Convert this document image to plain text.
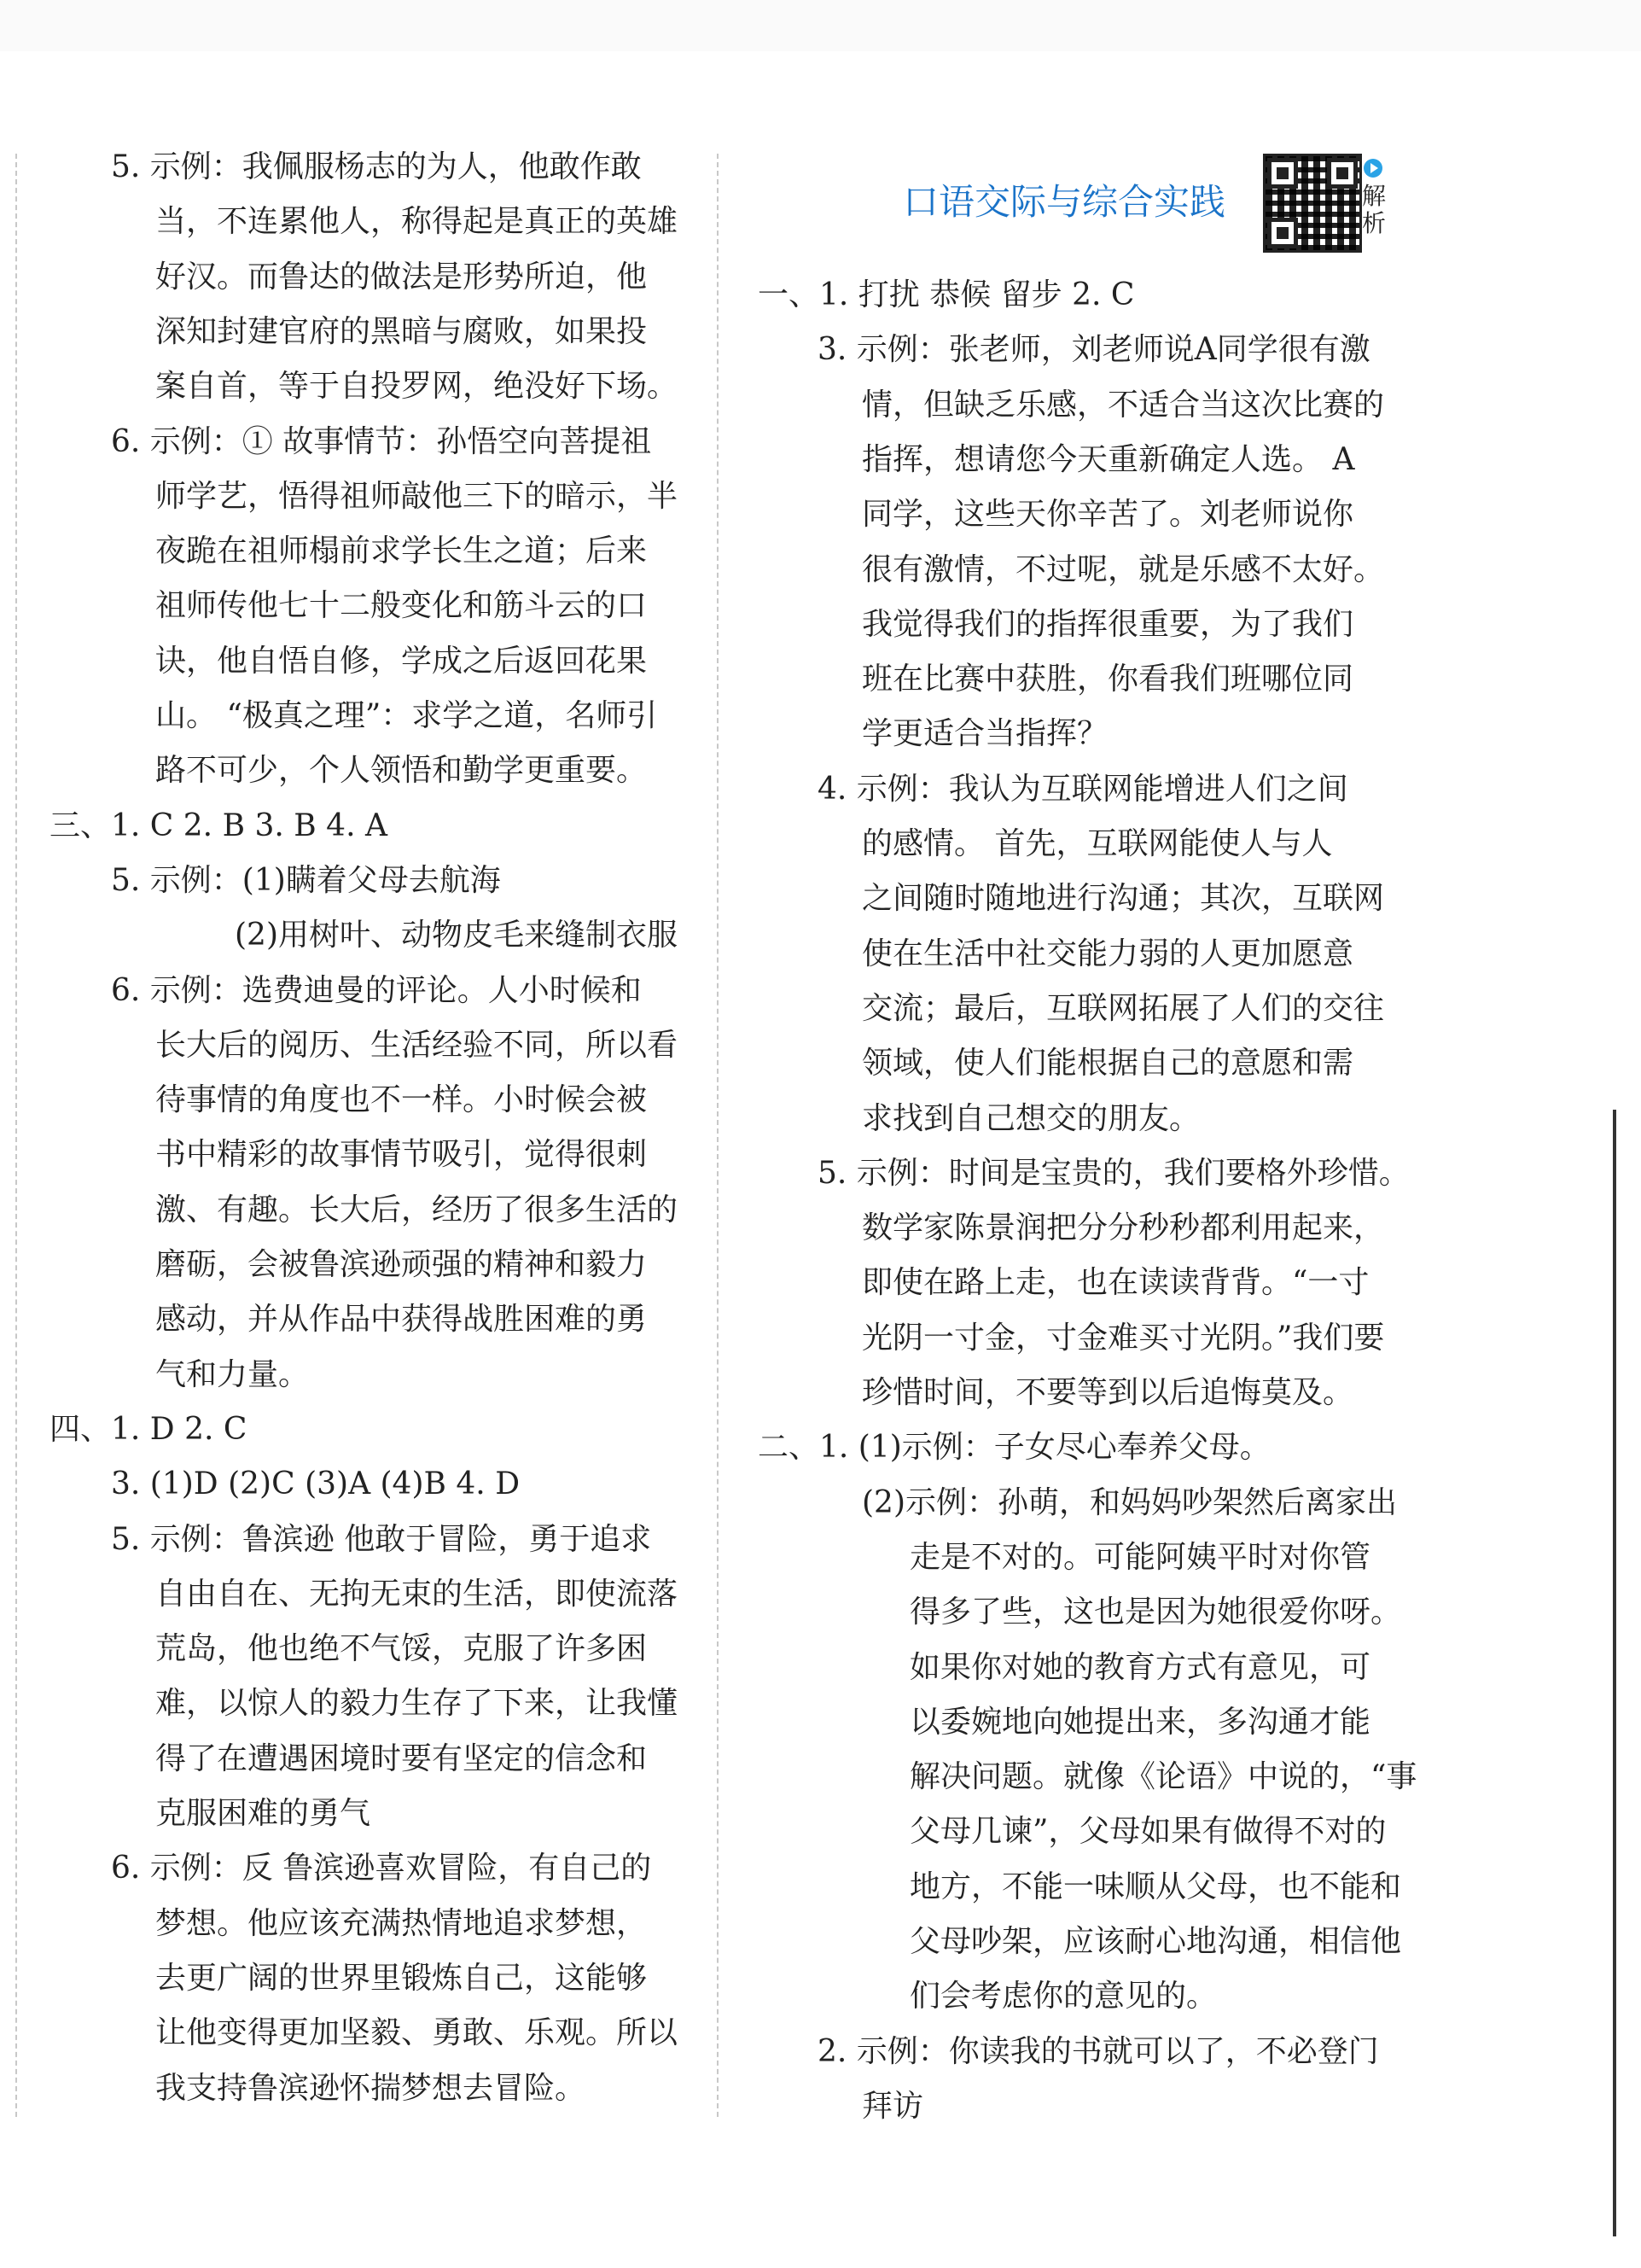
口语交际与综合实践	解析
5. 示例：我佩服杨志的为人，他敢作敢
当，不连累他人，称得起是真正的英雄
好汉。而鲁达的做法是形势所迫，他
深知封建官府的黑暗与腐败，如果投
案自首，等于自投罗网，绝没好下场。
6. 示例：① 故事情节：孙悟空向菩提祖
师学艺，悟得祖师敲他三下的暗示，半
夜跪在祖师榻前求学长生之道；后来
祖师传他七十二般变化和筋斗云的口
诀，他自悟自修，学成之后返回花果
山。 “极真之理”：求学之道，名师引
路不可少，个人领悟和勤学更重要。
三、1. C 2. B 3. B 4. A
5. 示例：(1)瞒着父母去航海
(2)用树叶、动物皮毛来缝制衣服
6. 示例：选费迪曼的评论。人小时候和
长大后的阅历、生活经验不同，所以看
待事情的角度也不一样。小时候会被
书中精彩的故事情节吸引，觉得很刺
激、有趣。长大后，经历了很多生活的
磨砺，会被鲁滨逊顽强的精神和毅力
感动，并从作品中获得战胜困难的勇
气和力量。
四、1. D 2. C
3. (1)D (2)C (3)A (4)B 4. D
5. 示例：鲁滨逊 他敢于冒险，勇于追求
自由自在、无拘无束的生活，即使流落
荒岛，他也绝不气馁，克服了许多困
难，以惊人的毅力生存了下来，让我懂
得了在遭遇困境时要有坚定的信念和
克服困难的勇气
6. 示例：反 鲁滨逊喜欢冒险，有自己的
梦想。他应该充满热情地追求梦想，
去更广阔的世界里锻炼自己，这能够
让他变得更加坚毅、勇敢、乐观。所以
我支持鲁滨逊怀揣梦想去冒险。
一、1. 打扰 恭候 留步 2. C
3. 示例：张老师，刘老师说A同学很有激
情，但缺乏乐感，不适合当这次比赛的
指挥，想请您今天重新确定人选。 A
同学，这些天你辛苦了。刘老师说你
很有激情，不过呢，就是乐感不太好。
我觉得我们的指挥很重要，为了我们
班在比赛中获胜，你看我们班哪位同
学更适合当指挥？
4. 示例：我认为互联网能增进人们之间
的感情。 首先，互联网能使人与人
之间随时随地进行沟通；其次，互联网
使在生活中社交能力弱的人更加愿意
交流；最后，互联网拓展了人们的交往
领域，使人们能根据自己的意愿和需
求找到自己想交的朋友。
5. 示例：时间是宝贵的，我们要格外珍惜。
数学家陈景润把分分秒秒都利用起来，
即使在路上走，也在读读背背。“一寸
光阴一寸金，寸金难买寸光阴。”我们要
珍惜时间，不要等到以后追悔莫及。
二、1. (1)示例：子女尽心奉养父母。
(2)示例：孙萌，和妈妈吵架然后离家出
走是不对的。可能阿姨平时对你管
得多了些，这也是因为她很爱你呀。
如果你对她的教育方式有意见，可
以委婉地向她提出来，多沟通才能
解决问题。就像《论语》中说的，“事
父母几谏”，父母如果有做得不对的
地方，不能一味顺从父母，也不能和
父母吵架，应该耐心地沟通，相信他
们会考虑你的意见的。
2. 示例：你读我的书就可以了，不必登门
拜访
